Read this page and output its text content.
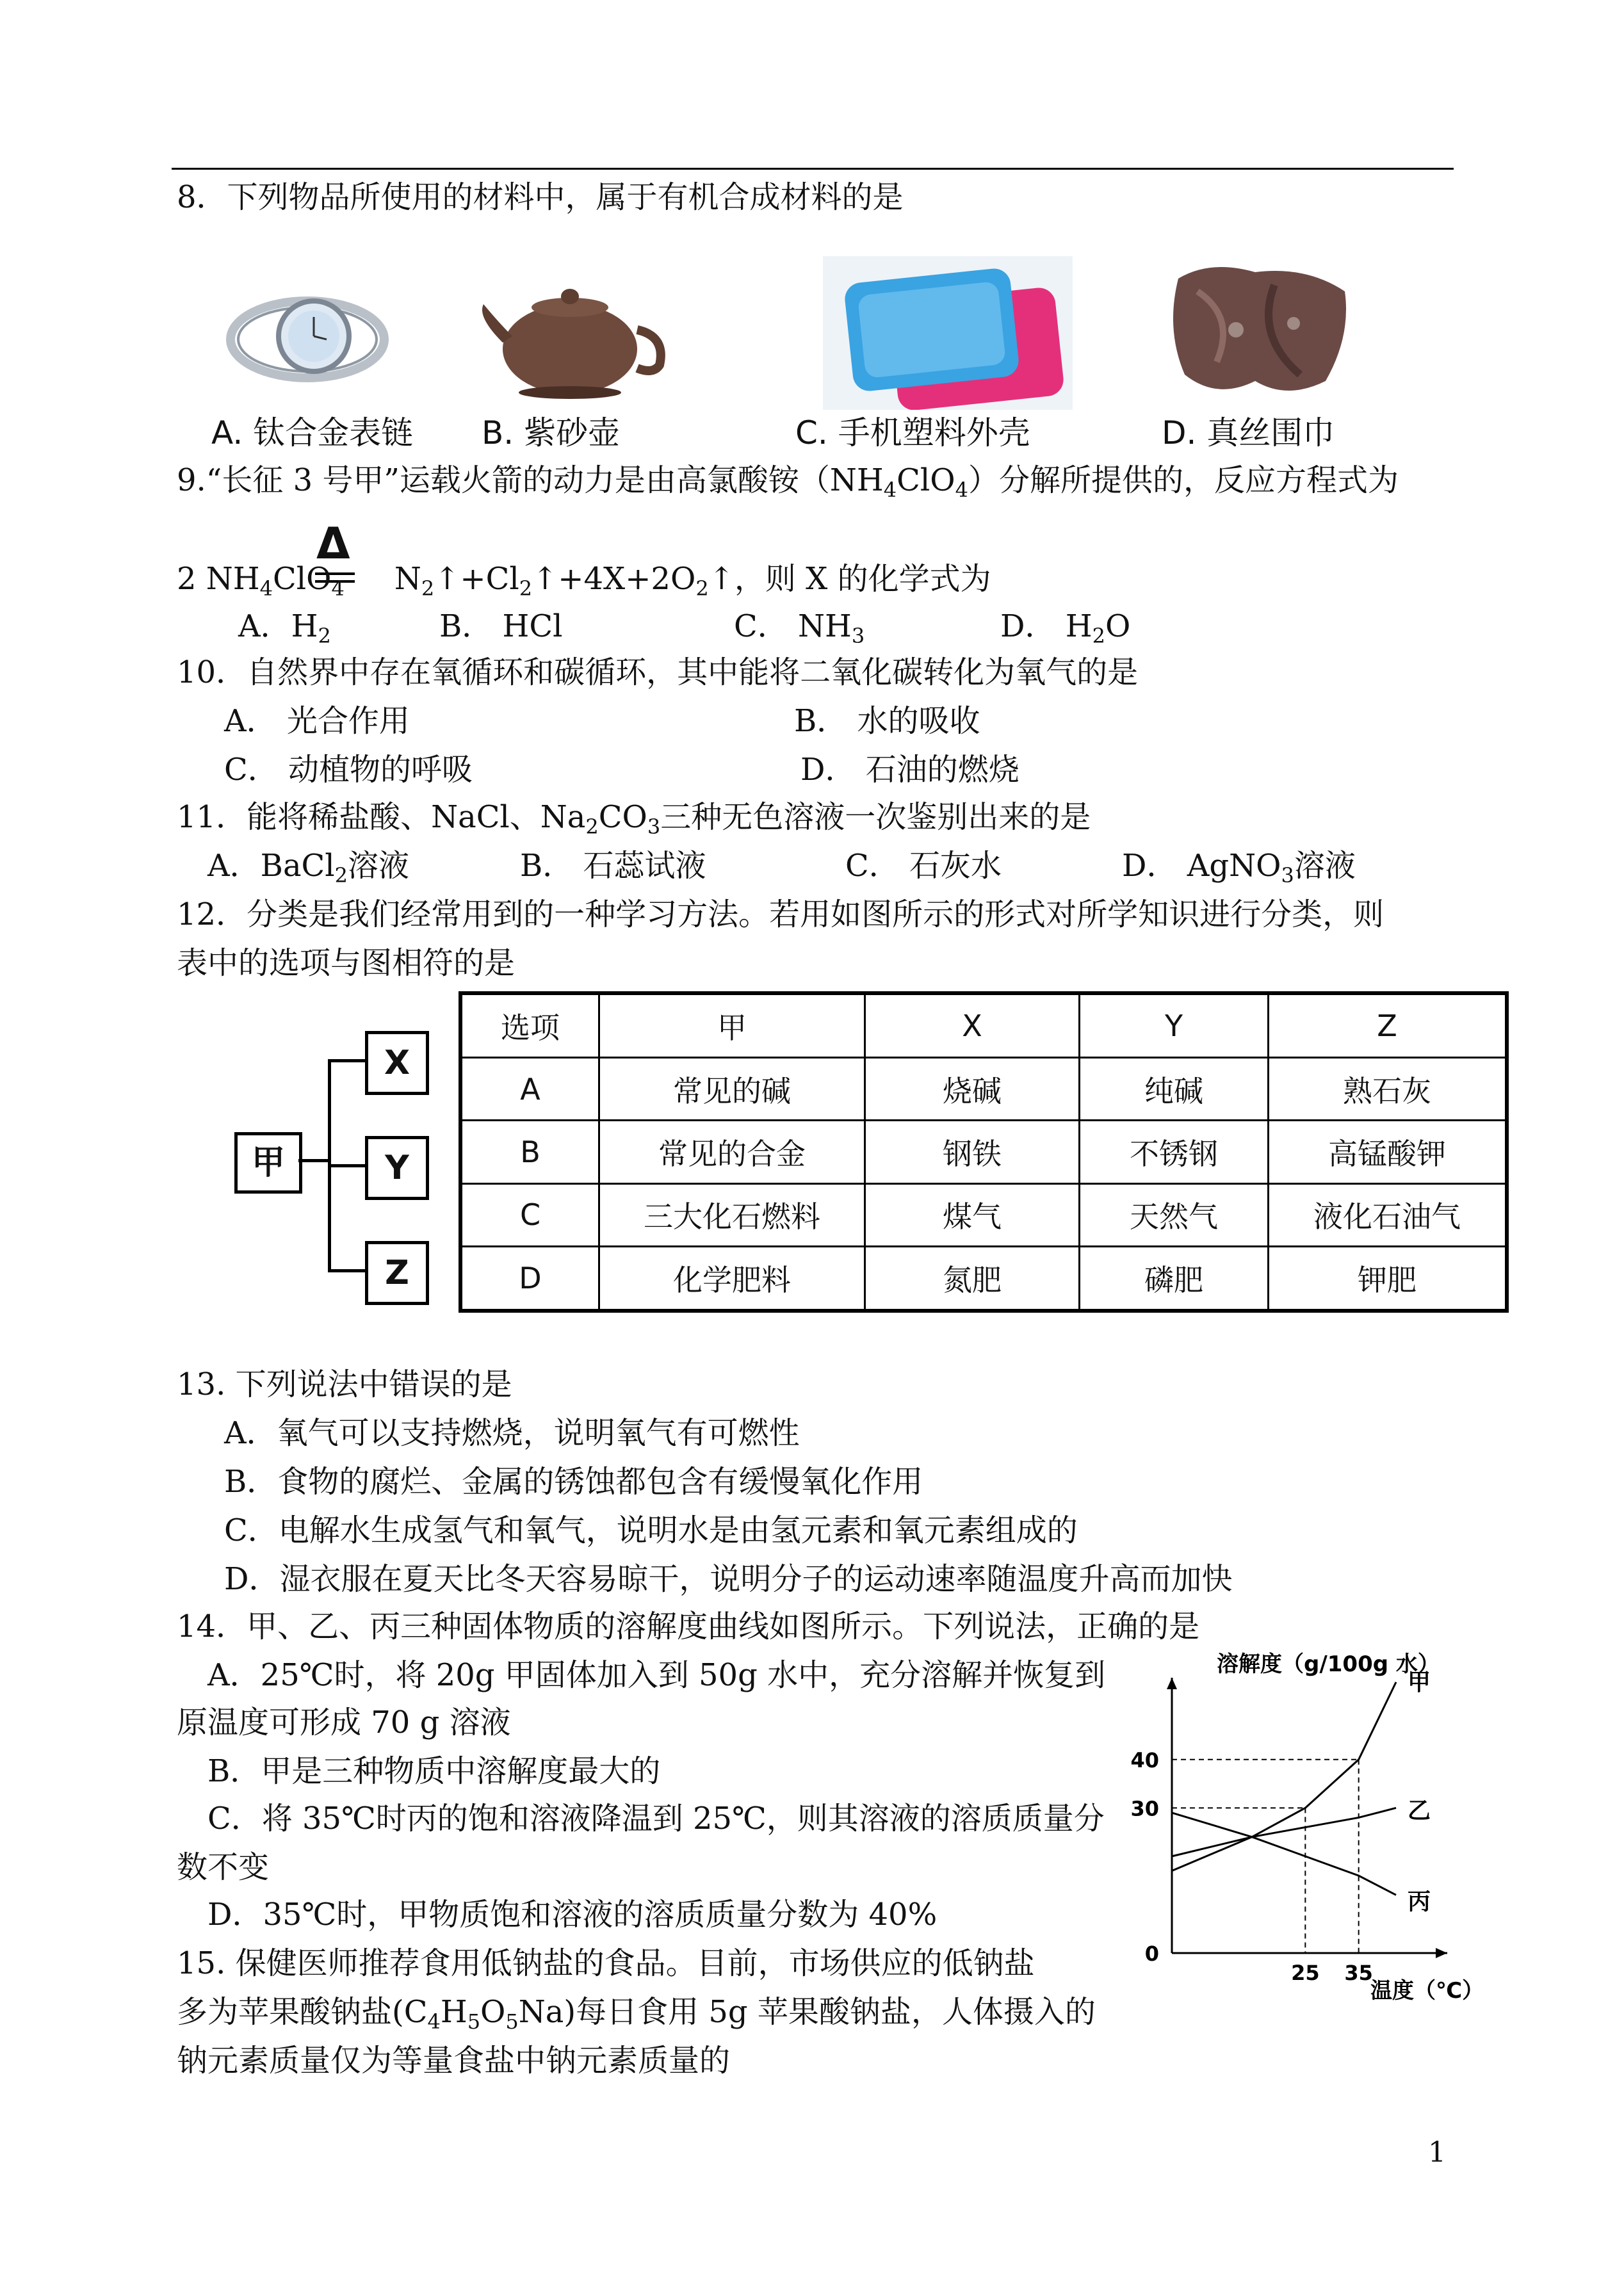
8．下列物品所使用的材料中，属于有机合成材料的是
A. 钛合金表链 B. 紫砂壶	C. 手机塑料外壳	D. 真丝围巾
9.“长征 3 号甲”运载火箭的动力是由高氯酸铵$(NH_4ClO_4)$分解所提供的，反应方程式为
Δ
2 $NH_4ClO_4$ $N_2↑+Cl_2↑+4X+2O_2↑$，则 X 的化学式为
A．$H_2$	B． HCl	C． $NH_3$	D． $H_2O$
10．自然界中存在氧循环和碳循环，其中能将二氧化碳转化为氧气的是
A． 光合作用	B． 水的吸收
C． 动植物的呼吸	D． 石油的燃烧
11．能将稀盐酸、NaCl、$Na_2CO_3$三种无色溶液一次鉴别出来的是
A．BaCl$_2$溶液	B． 石蕊试液	C． 石灰水	D． AgNO$_3$溶液
12．分类是我们经常用到的一种学习方法。若用如图所示的形式对所学知识进行分类，则
表中的选项与图相符的是
甲
X
Y
Z
选项	甲	X	Y	Z
A	常见的碱	烧碱	纯碱	熟石灰
B	常见的合金	钢铁	不锈钢	高锰酸钾
C	三大化石燃料	煤气	天然气	液化石油气
D	化学肥料	氮肥	磷肥	钾肥
13. 下列说法中错误的是
A．氧气可以支持燃烧，说明氧气有可燃性
B．食物的腐烂、金属的锈蚀都包含有缓慢氧化作用
C．电解水生成氢气和氧气，说明水是由氢元素和氧元素组成的
D．湿衣服在夏天比冬天容易晾干，说明分子的运动速率随温度升高而加快
14．甲、乙、丙三种固体物质的溶解度曲线如图所示。下列说法，正确的是
A．25℃时，将 20g 甲固体加入到 50g 水中，充分溶解并恢复到
原温度可形成 70 g 溶液
B．甲是三种物质中溶解度最大的
C．将 35℃时丙的饱和溶液降温到 25℃，则其溶液的溶质质量分
数不变
D．35℃时，甲物质饱和溶液的溶质质量分数为 40%
溶解度（g/100g 水）
温度（℃）
40
30
0
25 35
甲
乙
丙
15. 保健医师推荐食用低钠盐的食品。目前，市场供应的低钠盐
多为苹果酸钠盐$(C_4H_5O_5Na)$每日食用 5g 苹果酸钠盐，人体摄入的
钠元素质量仅为等量食盐中钠元素质量的
1
